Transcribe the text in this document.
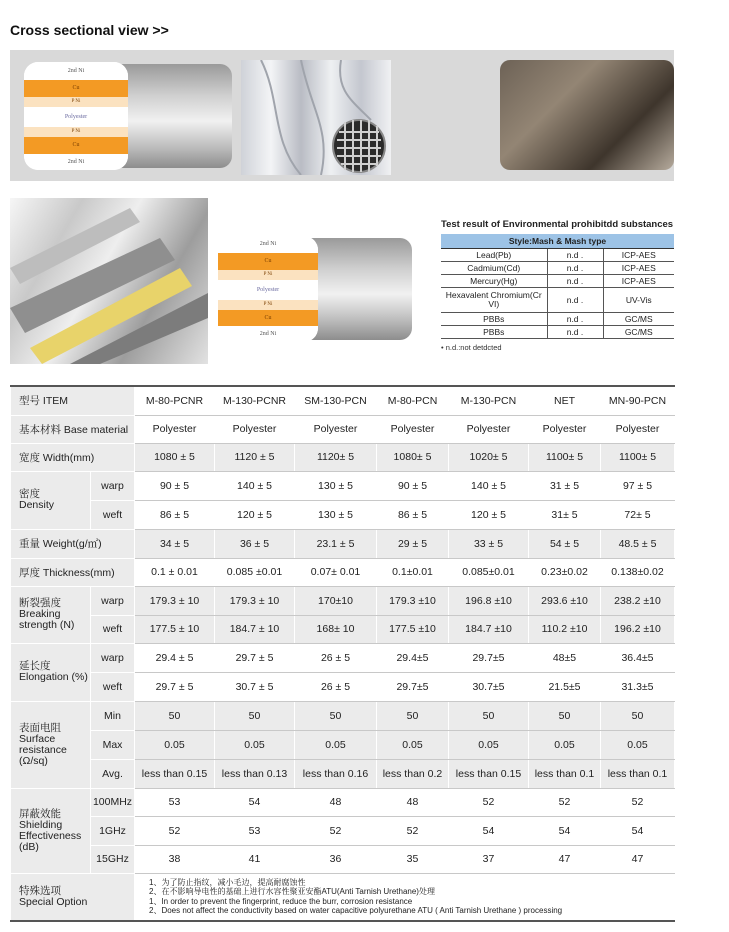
Cross sectional view >>
2nd Ni
Cu
P Ni
Polyester
P Ni
Cu
2nd Ni
2nd Ni
Cu
P Ni
Polyester
P Ni
Cu
2nd Ni
Test result of Environmental prohibitdd substances
Style:Mash & Mash type		
Lead(Pb)	n.d .	ICP-AES
Cadmium(Cd)	n.d .	ICP-AES
Mercury(Hg)	n.d .	ICP-AES
Hexavalent Chromium(Cr VI)	n.d .	UV-Vis
PBBs	n.d .	GC/MS
PBBs	n.d .	GC/MS
• n.d.:not detdcted
型号 ITEM		M-80-PCNR	M-130-PCNR	SM-130-PCN	M-80-PCN	M-130-PCN	NET	MN-90-PCN
基本材料 Base material		Polyester	Polyester	Polyester	Polyester	Polyester	Polyester	Polyester
宽度 Width(mm)		1080 ± 5	1120 ± 5	1120± 5	1080± 5	1020± 5	1100± 5	1100± 5

密度
Density	warp	90 ± 5	140 ± 5	130 ± 5	90 ± 5	140 ± 5	31 ± 5	97 ± 5
	weft	86 ± 5	120 ± 5	130 ± 5	86 ± 5	120 ± 5	31± 5	72± 5
重量 Weight(g/㎡)		34 ± 5	36 ± 5	23.1 ± 5	29 ± 5	33 ± 5	54 ± 5	48.5 ± 5
厚度 Thickness(mm)		0.1 ± 0.01	0.085 ±0.01	0.07± 0.01	0.1±0.01	0.085±0.01	0.23±0.02	0.138±0.02

断裂强度
Breaking
strength (N)	warp	179.3 ± 10	179.3 ± 10	170±10	179.3 ±10	196.8 ±10	293.6 ±10	238.2 ±10
	weft	177.5 ± 10	184.7 ± 10	168± 10	177.5 ±10	184.7 ±10	110.2 ±10	196.2 ±10

延长度
Elongation (%)	warp	29.4 ± 5	29.7 ± 5	26 ± 5	29.4±5	29.7±5	48±5	36.4±5
	weft	29.7 ± 5	30.7 ± 5	26 ± 5	29.7±5	30.7±5	21.5±5	31.3±5

表面电阻
Surface
resistance
(Ω/sq)	Min	50	50	50	50	50	50	50
	Max	0.05	0.05	0.05	0.05	0.05	0.05	0.05
	Avg.	less than 0.15	less than 0.13	less than 0.16	less than 0.2	less than 0.15	less than 0.1	less than 0.1

屏蔽效能
Shielding
Effectiveness
(dB)	100MHz	53	54	48	48	52	52	52
	1GHz	52	53	52	52	54	54	54
	15GHz	38	41	36	35	37	47	47

特殊选项
Special Option		1、为了防止指纹，减小毛边，提高耐腐蚀性
2、在不影响导电性的基础上进行水容性聚亚安酯ATU(Anti Tarnish Urethane)处理
1、In order to prevent the fingerprint, reduce the burr, corrosion resistance
2、Does not affect the conductivity based on water capacitive polyurethane ATU ( Anti Tarnish Urethane ) processing						
